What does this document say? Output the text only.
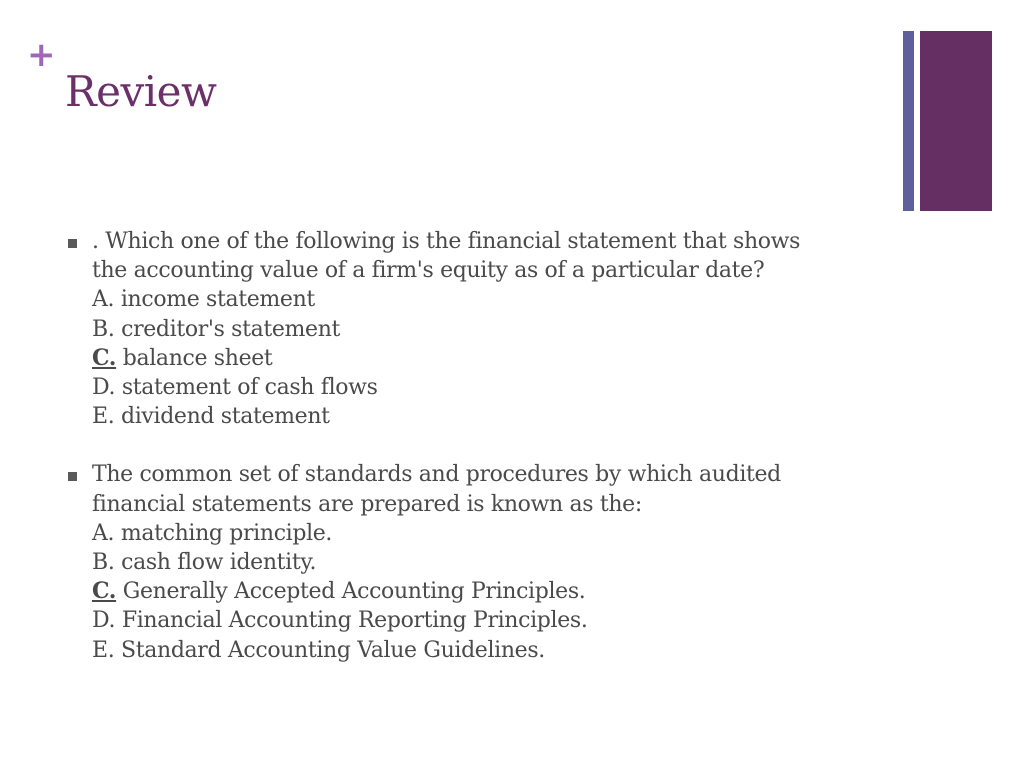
+
Review
. Which one of the following is the financial statement that shows
the accounting value of a firm's equity as of a particular date?
A. income statement
B. creditor's statement
C. balance sheet
D. statement of cash flows
E. dividend statement
The common set of standards and procedures by which audited
financial statements are prepared is known as the:
A. matching principle.
B. cash flow identity.
C. Generally Accepted Accounting Principles.
D. Financial Accounting Reporting Principles.
E. Standard Accounting Value Guidelines.
